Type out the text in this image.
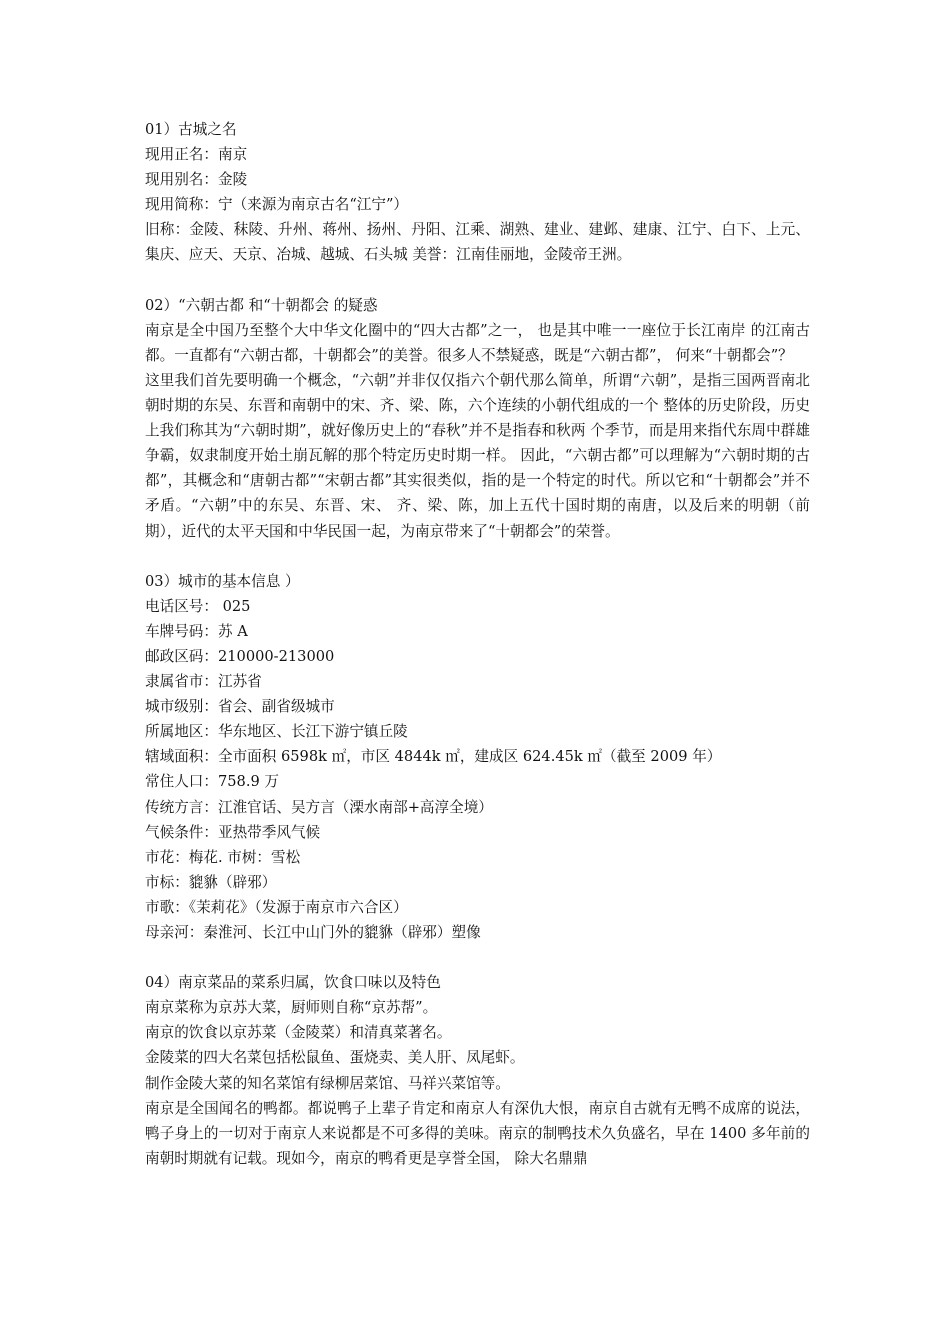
01）古城之名
现用正名：南京
现用别名：金陵
现用简称：宁（来源为南京古名“江宁”）
旧称：金陵、秣陵、升州、蒋州、扬州、丹阳、江乘、湖熟、建业、建邺、建康、江宁、白下、上元、集庆、应天、天京、冶城、越城、石头城 美誉：江南佳丽地，金陵帝王洲。
02）“六朝古都 和“十朝都会 的疑惑
南京是全中国乃至整个大中华文化圈中的“四大古都”之一， 也是其中唯一一座位于长江南岸 的江南古都。一直都有“六朝古都，十朝都会”的美誉。很多人不禁疑惑，既是“六朝古都”， 何来“十朝都会”？
这里我们首先要明确一个概念，“六朝”并非仅仅指六个朝代那么简单，所谓“六朝”，是指三国两晋南北朝时期的东吴、东晋和南朝中的宋、齐、梁、陈，六个连续的小朝代组成的一个 整体的历史阶段，历史上我们称其为“六朝时期”，就好像历史上的“春秋”并不是指春和秋两 个季节，而是用来指代东周中群雄争霸，奴隶制度开始土崩瓦解的那个特定历史时期一样。 因此，“六朝古都”可以理解为“六朝时期的古都”，其概念和“唐朝古都”“宋朝古都”其实很类似，指的是一个特定的时代。所以它和“十朝都会”并不矛盾。“六朝”中的东吴、东晋、宋、 齐、梁、陈，加上五代十国时期的南唐，以及后来的明朝（前期），近代的太平天国和中华民国一起，为南京带来了“十朝都会”的荣誉。
03）城市的基本信息 ）
电话区号： 025
车牌号码：苏 A
邮政区码：210000-213000
隶属省市：江苏省
城市级别：省会、副省级城市
所属地区：华东地区、长江下游宁镇丘陵
辖域面积：全市面积 6598k ㎡，市区 4844k ㎡，建成区 624.45k ㎡（截至 2009 年）
常住人口：758.9 万
传统方言：江淮官话、吴方言（溧水南部+高淳全境）
气候条件：亚热带季风气候
市花：梅花. 市树：雪松
市标：貔貅（辟邪）
市歌：《茉莉花》（发源于南京市六合区）
母亲河：秦淮河、长江中山门外的貔貅（辟邪）塑像
04）南京菜品的菜系归属，饮食口味以及特色
南京菜称为京苏大菜，厨师则自称“京苏帮”。
南京的饮食以京苏菜（金陵菜）和清真菜著名。
金陵菜的四大名菜包括松鼠鱼、蛋烧卖、美人肝、凤尾虾。
制作金陵大菜的知名菜馆有绿柳居菜馆、马祥兴菜馆等。
南京是全国闻名的鸭都。都说鸭子上辈子肯定和南京人有深仇大恨，南京自古就有无鸭不成席的说法，鸭子身上的一切对于南京人来说都是不可多得的美味。南京的制鸭技术久负盛名，早在 1400 多年前的南朝时期就有记载。现如今，南京的鸭肴更是享誉全国， 除大名鼎鼎
